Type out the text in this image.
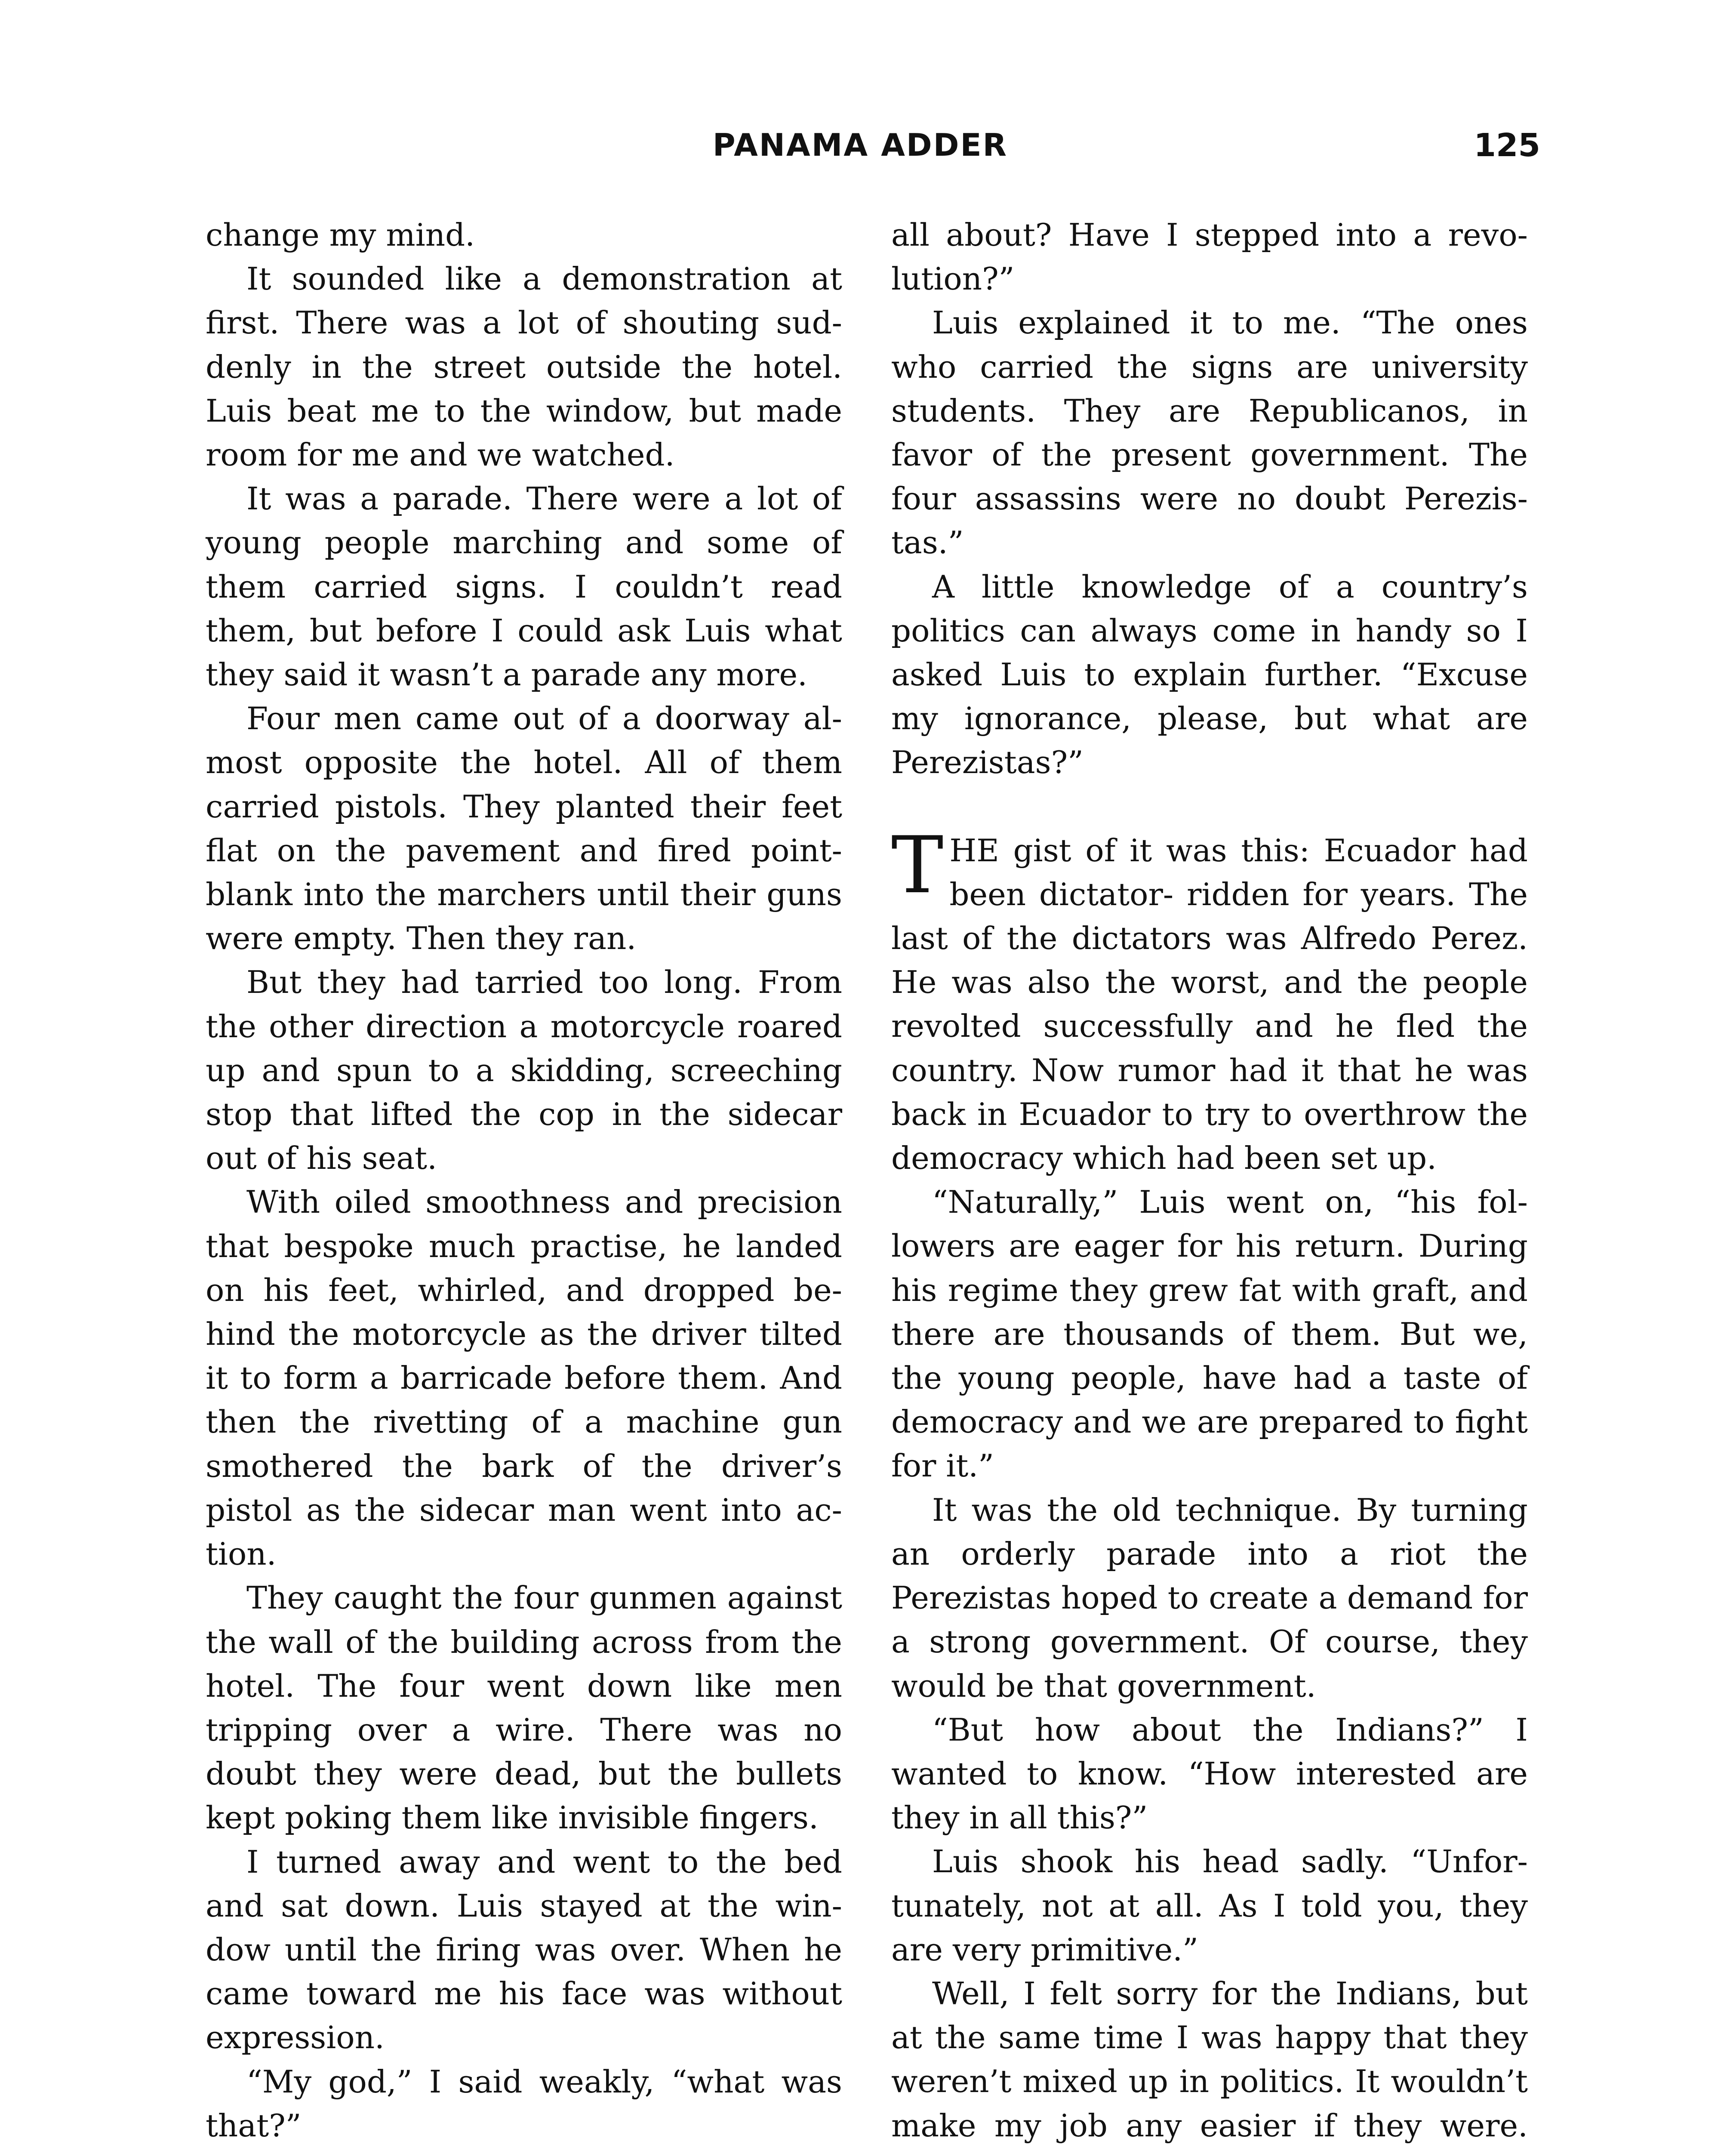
PANAMA ADDER	125

change my mind.

It sounded like a demonstration at first. There was a lot of shouting suddenly in the street outside the hotel. Luis beat me to the window, but made room for me and we watched.

It was a parade. There were a lot of young people marching and some of them carried signs. I couldn’t read them, but before I could ask Luis what they said it wasn’t a parade any more.

Four men came out of a doorway almost opposite the hotel. All of them carried pistols. They planted their feet flat on the pavement and fired point-blank into the marchers until their guns were empty. Then they ran.

But they had tarried too long. From the other direction a motorcycle roared up and spun to a skidding, screeching stop that lifted the cop in the sidecar out of his seat.

With oiled smoothness and precision that bespoke much practise, he landed on his feet, whirled, and dropped behind the motorcycle as the driver tilted it to form a barricade before them. And then the rivetting of a machine gun smothered the bark of the driver’s pistol as the sidecar man went into action.

They caught the four gunmen against the wall of the building across from the hotel. The four went down like men tripping over a wire. There was no doubt they were dead, but the bullets kept poking them like invisible fingers.

I turned away and went to the bed and sat down. Luis stayed at the window until the firing was over. When he came toward me his face was without expression.

“My god,” I said weakly, “what was that?”

all about? Have I stepped into a revolution?”

Luis explained it to me. “The ones who carried the signs are university students. They are Republicanos, in favor of the present government. The four assassins were no doubt Perezistas.”

A little knowledge of a country’s politics can always come in handy so I asked Luis to explain further. “Excuse my ignorance, please, but what are Perezistas?”

THE gist of it was this: Ecuador had been dictator- ridden for years. The last of the dictators was Alfredo Perez. He was also the worst, and the people revolted successfully and he fled the country. Now rumor had it that he was back in Ecuador to try to overthrow the democracy which had been set up.

“Naturally,” Luis went on, “his followers are eager for his return. During his regime they grew fat with graft, and there are thousands of them. But we, the young people, have had a taste of democracy and we are prepared to fight for it.”

It was the old technique. By turning an orderly parade into a riot the Perezistas hoped to create a demand for a strong government. Of course, they would be that government.

“But how about the Indians?” I wanted to know. “How interested are they in all this?”

Luis shook his head sadly. “Unfortunately, not at all. As I told you, they are very primitive.”

Well, I felt sorry for the Indians, but at the same time I was happy that they weren’t mixed up in politics. It wouldn’t make my job any easier if they were.
